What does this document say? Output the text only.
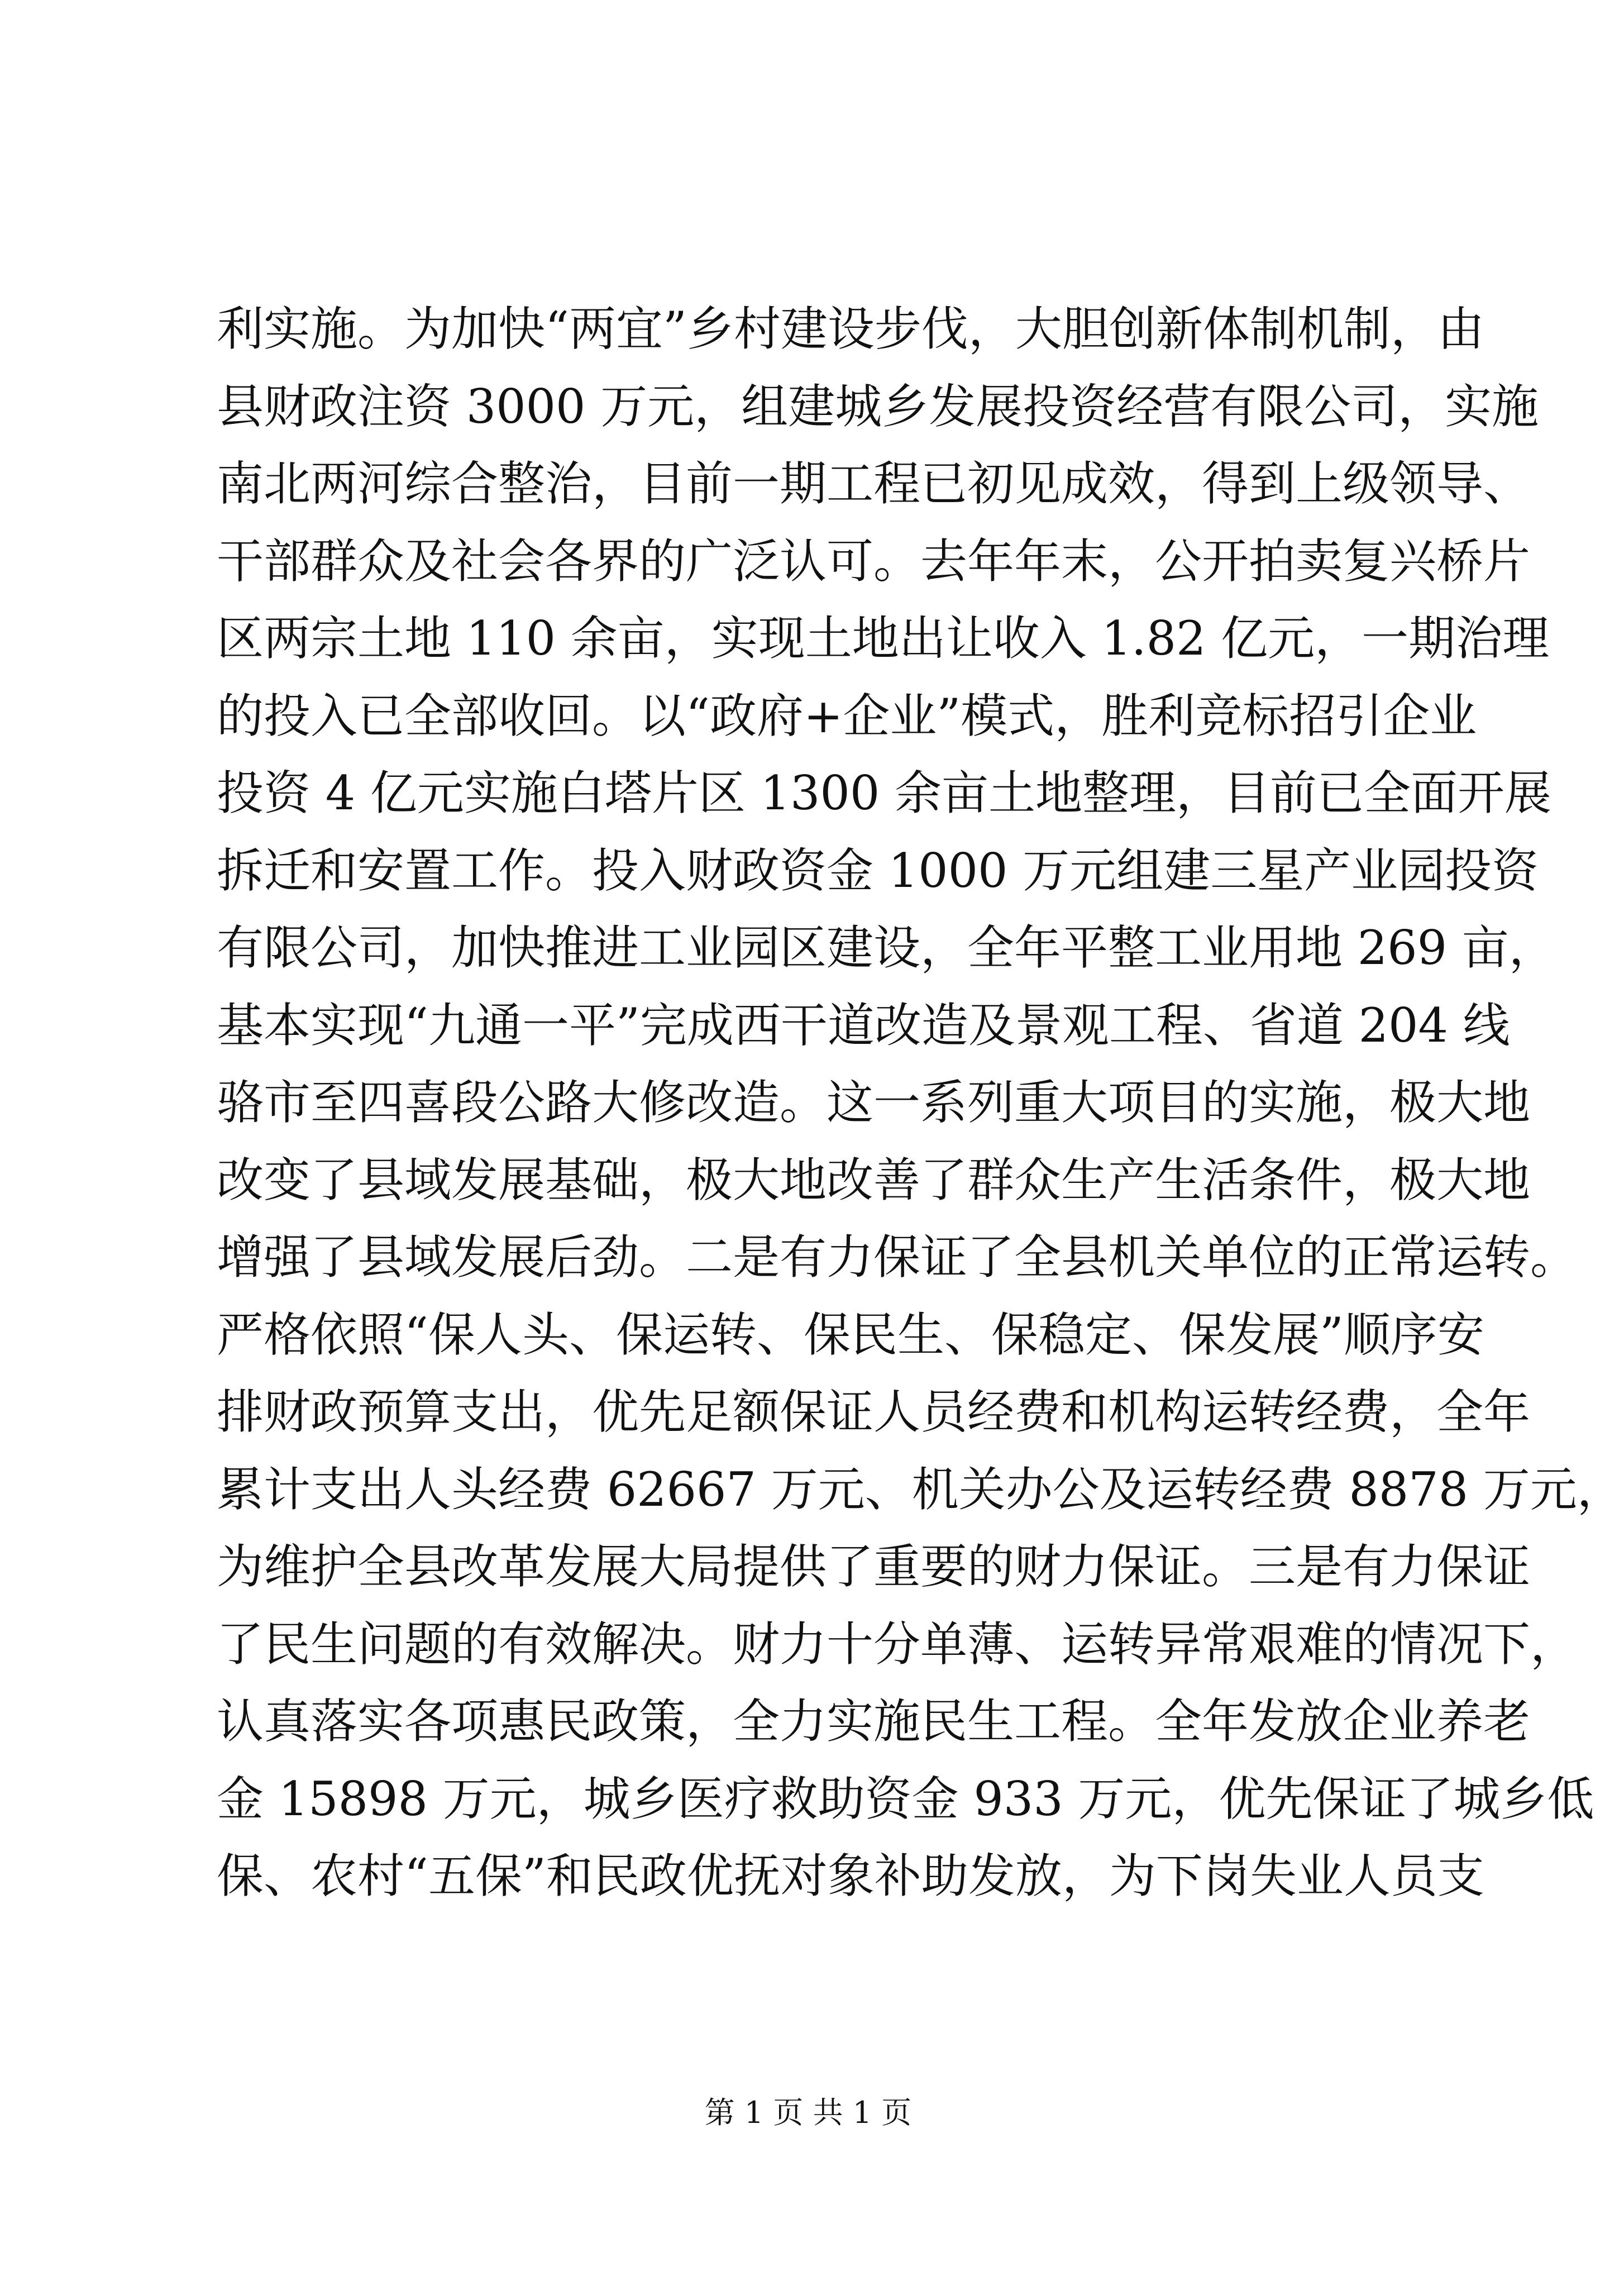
利实施。为加快“两宜”乡村建设步伐，大胆创新体制机制，由
县财政注资 3000 万元，组建城乡发展投资经营有限公司，实施
南北两河综合整治，目前一期工程已初见成效，得到上级领导、
干部群众及社会各界的广泛认可。去年年末，公开拍卖复兴桥片
区两宗土地 110 余亩，实现土地出让收入 1.82 亿元，一期治理
的投入已全部收回。以“政府+企业”模式，胜利竞标招引企业
投资 4 亿元实施白塔片区 1300 余亩土地整理，目前已全面开展
拆迁和安置工作。投入财政资金 1000 万元组建三星产业园投资
有限公司，加快推进工业园区建设，全年平整工业用地 269 亩，
基本实现“九通一平”完成西干道改造及景观工程、省道 204 线
骆市至四喜段公路大修改造。这一系列重大项目的实施，极大地
改变了县域发展基础，极大地改善了群众生产生活条件，极大地
增强了县域发展后劲。二是有力保证了全县机关单位的正常运转。
严格依照“保人头、保运转、保民生、保稳定、保发展”顺序安
排财政预算支出，优先足额保证人员经费和机构运转经费，全年
累计支出人头经费 62667 万元、机关办公及运转经费 8878 万元，
为维护全县改革发展大局提供了重要的财力保证。三是有力保证
了民生问题的有效解决。财力十分单薄、运转异常艰难的情况下，
认真落实各项惠民政策，全力实施民生工程。全年发放企业养老
金 15898 万元，城乡医疗救助资金 933 万元，优先保证了城乡低
保、农村“五保”和民政优抚对象补助发放，为下岗失业人员支
第 1 页 共 1 页
